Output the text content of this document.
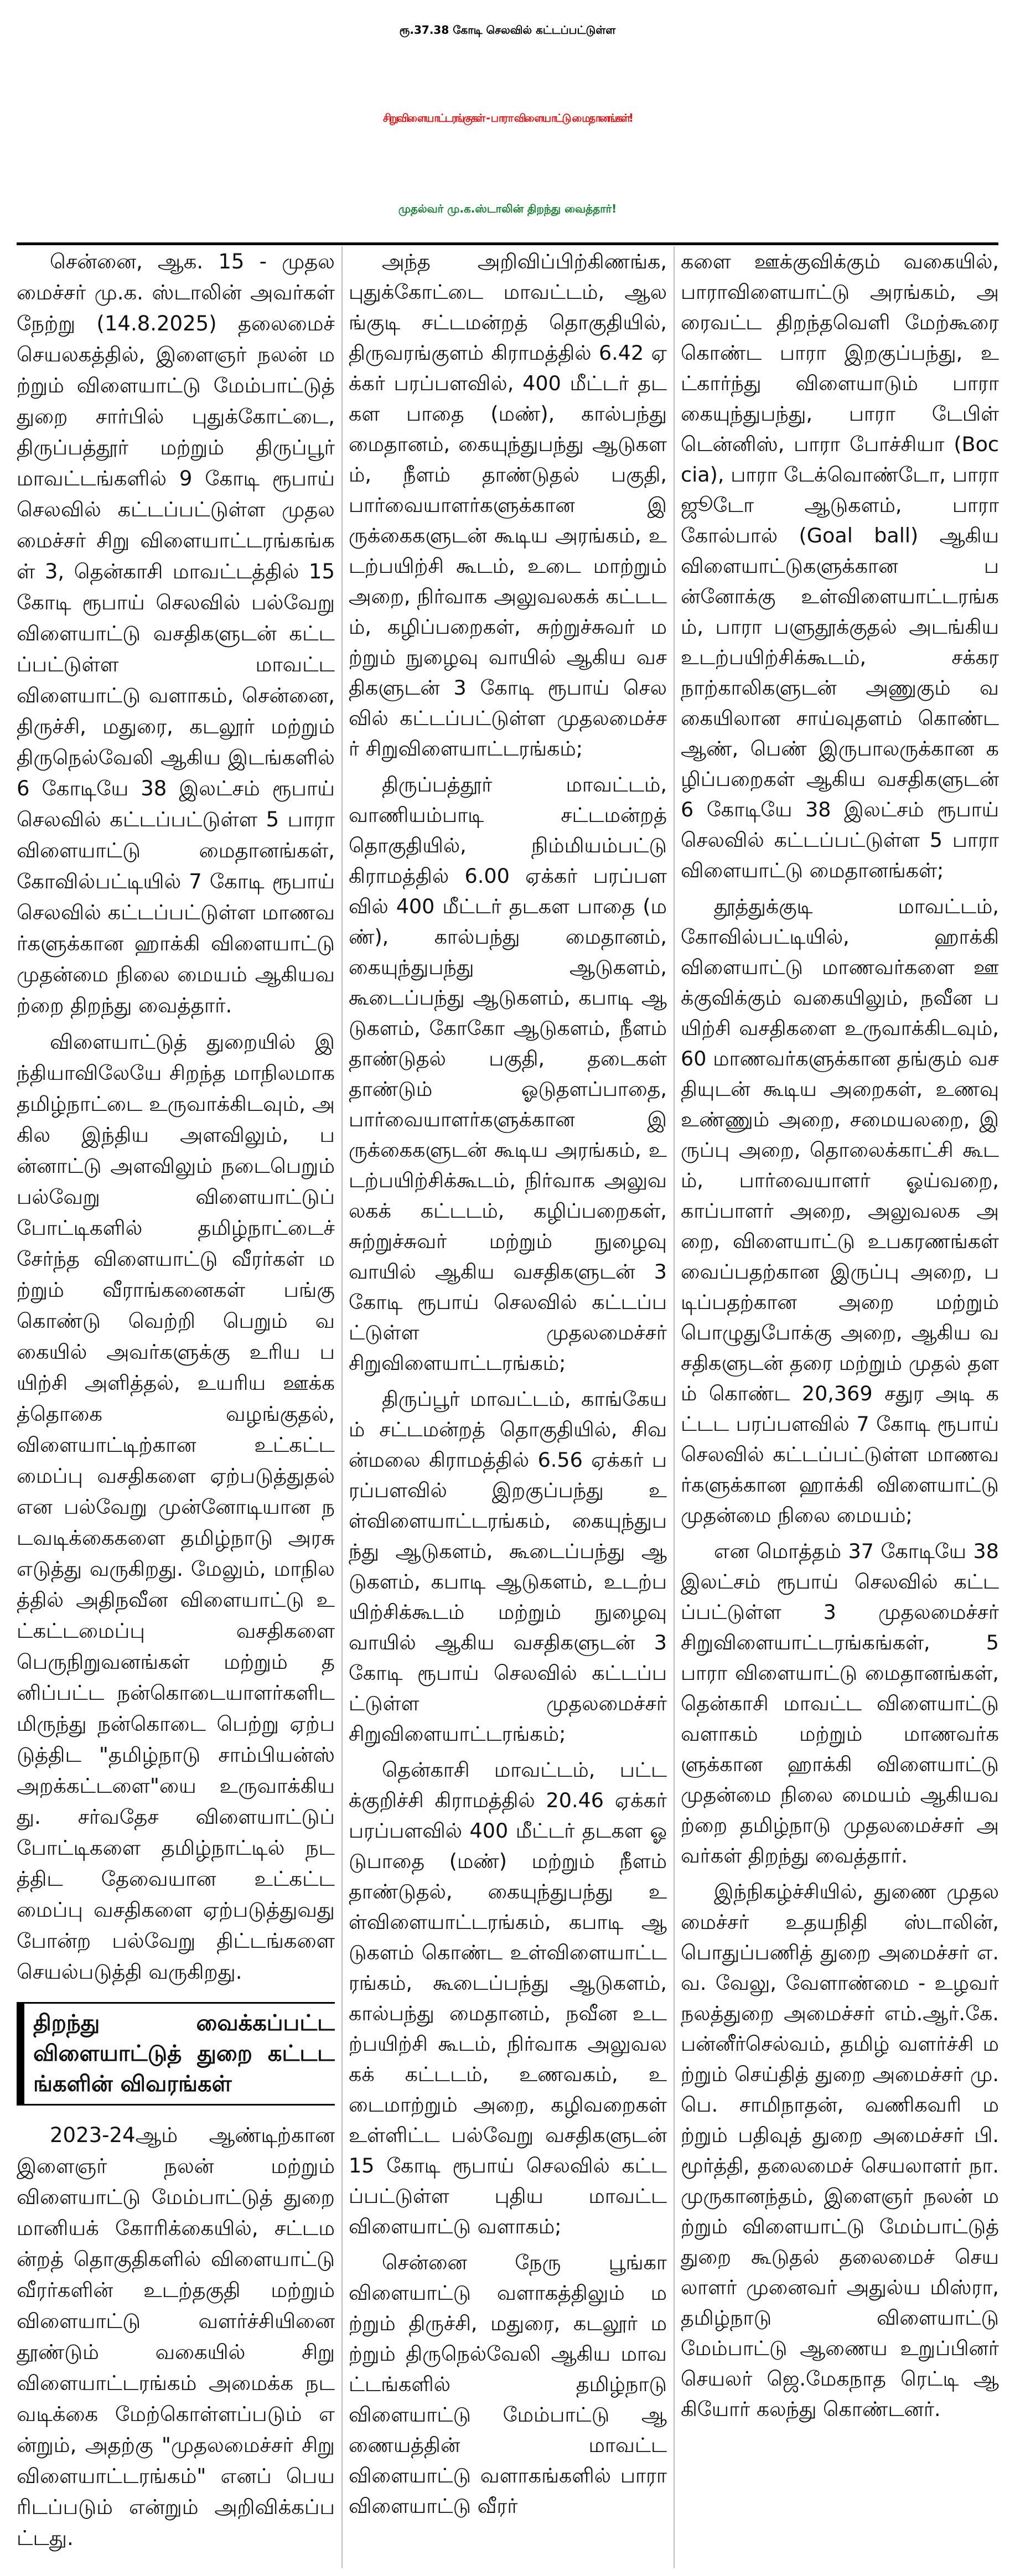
ரூ.37.38 கோடி செலவில் கட்டப்பட்டுள்ள
சிறுவிளையாட்டரங்குகள் - பாரா விளையாட்டு மைதானங்கள்!
முதல்வர் மு.க.ஸ்டாலின் திறந்து வைத்தார்!

சென்னை, ஆக. 15 - முதலமைச்சர் மு.க. ஸ்டாலின் அவர்கள் நேற்று (14.8.2025) தலைமைச் செயலகத்தில், இளைஞர் நலன் மற்றும் விளையாட்டு மேம்பாட்டுத் துறை சார்பில் புதுக்கோட்டை, திருப்பத்தூர் மற்றும் திருப்பூர் மாவட்டங்களில் 9 கோடி ரூபாய் செலவில் கட்டப்பட்டுள்ள முதலமைச்சர் சிறு விளையாட்டரங்கங்கள் 3, தென்காசி மாவட்டத்தில் 15 கோடி ரூபாய் செலவில் பல்வேறு விளையாட்டு வசதிகளுடன் கட்டப்பட்டுள்ள மாவட்ட விளையாட்டு வளாகம், சென்னை, திருச்சி, மதுரை, கடலூர் மற்றும் திருநெல்வேலி ஆகிய இடங்களில் 6 கோடியே 38 இலட்சம் ரூபாய் செலவில் கட்டப்பட்டுள்ள 5 பாரா விளையாட்டு மைதானங்கள், கோவில்பட்டியில் 7 கோடி ரூபாய் செலவில் கட்டப்பட்டுள்ள மாணவர்களுக்கான ஹாக்கி விளையாட்டு முதன்மை நிலை மையம் ஆகியவற்றை திறந்து வைத்தார்.

விளையாட்டுத் துறையில் இந்தியாவிலேயே சிறந்த மாநிலமாக தமிழ்நாட்டை உருவாக்கிடவும், அகில இந்திய அளவிலும், பன்னாட்டு அளவிலும் நடைபெறும் பல்வேறு விளையாட்டுப் போட்டிகளில் தமிழ்நாட்டைச் சேர்ந்த விளையாட்டு வீரர்கள் மற்றும் வீராங்கனைகள் பங்கு கொண்டு வெற்றி பெறும் வகையில் அவர்களுக்கு உரிய பயிற்சி அளித்தல், உயரிய ஊக்கத்தொகை வழங்குதல், விளையாட்டிற்கான உட்கட்டமைப்பு வசதிகளை ஏற்படுத்துதல் என பல்வேறு முன்னோடியான நடவடிக்கைகளை தமிழ்நாடு அரசு எடுத்து வருகிறது. மேலும், மாநிலத்தில் அதிநவீன விளையாட்டு உட்கட்டமைப்பு வசதிகளை பெருநிறுவனங்கள் மற்றும் தனிப்பட்ட நன்கொடையாளர்களிடமிருந்து நன்கொடை பெற்று ஏற்படுத்திட "தமிழ்நாடு சாம்பியன்ஸ் அறக்கட்டளை"யை உருவாக்கியது. சர்வதேச விளையாட்டுப் போட்டிகளை தமிழ்நாட்டில் நடத்திட தேவையான உட்கட்டமைப்பு வசதிகளை ஏற்படுத்துவது போன்ற பல்வேறு திட்டங்களை செயல்படுத்தி வருகிறது.

திறந்து வைக்கப்பட்ட விளையாட்டுத் துறை கட்டடங்களின் விவரங்கள்

2023-24ஆம் ஆண்டிற்கான இளைஞர் நலன் மற்றும் விளையாட்டு மேம்பாட்டுத் துறை மானியக் கோரிக்கையில், சட்டமன்றத் தொகுதிகளில் விளையாட்டு வீரர்களின் உடற்தகுதி மற்றும் விளையாட்டு வளர்ச்சியினை தூண்டும் வகையில் சிறு விளையாட்டரங்கம் அமைக்க நடவடிக்கை மேற்கொள்ளப்படும் என்றும், அதற்கு "முதலமைச்சர் சிறு விளையாட்டரங்கம்" எனப் பெயரிடப்படும் என்றும் அறிவிக்கப்பட்டது.

அந்த அறிவிப்பிற்கிணங்க, புதுக்கோட்டை மாவட்டம், ஆலங்குடி சட்டமன்றத் தொகுதியில், திருவரங்குளம் கிராமத்தில் 6.42 ஏக்கர் பரப்பளவில், 400 மீட்டர் தடகள பாதை (மண்), கால்பந்து மைதானம், கையுந்துபந்து ஆடுகளம், நீளம் தாண்டுதல் பகுதி, பார்வையாளர்களுக்கான இருக்கைகளுடன் கூடிய அரங்கம், உடற்பயிற்சி கூடம், உடை மாற்றும் அறை, நிர்வாக அலுவலகக் கட்டடம், கழிப்பறைகள், சுற்றுச்சுவர் மற்றும் நுழைவு வாயில் ஆகிய வசதிகளுடன் 3 கோடி ரூபாய் செலவில் கட்டப்பட்டுள்ள முதலமைச்சர் சிறுவிளையாட்டரங்கம்;

திருப்பத்தூர் மாவட்டம், வாணியம்பாடி சட்டமன்றத் தொகுதியில், நிம்மியம்பட்டு கிராமத்தில் 6.00 ஏக்கர் பரப்பளவில் 400 மீட்டர் தடகள பாதை (மண்), கால்பந்து மைதானம், கையுந்துபந்து ஆடுகளம், கூடைப்பந்து ஆடுகளம், கபாடி ஆடுகளம், கோகோ ஆடுகளம், நீளம் தாண்டுதல் பகுதி, தடைகள் தாண்டும் ஓடுதளப்பாதை, பார்வையாளர்களுக்கான இருக்கைகளுடன் கூடிய அரங்கம், உடற்பயிற்சிக்கூடம், நிர்வாக அலுவலகக் கட்டடம், கழிப்பறைகள், சுற்றுச்சுவர் மற்றும் நுழைவு வாயில் ஆகிய வசதிகளுடன் 3 கோடி ரூபாய் செலவில் கட்டப்பட்டுள்ள முதலமைச்சர் சிறுவிளையாட்டரங்கம்;

திருப்பூர் மாவட்டம், காங்கேயம் சட்டமன்றத் தொகுதியில், சிவன்மலை கிராமத்தில் 6.56 ஏக்கர் பரப்பளவில் இறகுப்பந்து உள்விளையாட்டரங்கம், கையுந்துபந்து ஆடுகளம், கூடைப்பந்து ஆடுகளம், கபாடி ஆடுகளம், உடற்பயிற்சிக்கூடம் மற்றும் நுழைவு வாயில் ஆகிய வசதிகளுடன் 3 கோடி ரூபாய் செலவில் கட்டப்பட்டுள்ள முதலமைச்சர் சிறுவிளையாட்டரங்கம்;

தென்காசி மாவட்டம், பட்டக்குறிச்சி கிராமத்தில் 20.46 ஏக்கர் பரப்பளவில் 400 மீட்டர் தடகள ஓடுபாதை (மண்) மற்றும் நீளம் தாண்டுதல், கையுந்துபந்து உள்விளையாட்டரங்கம், கபாடி ஆடுகளம் கொண்ட உள்விளையாட்டரங்கம், கூடைப்பந்து ஆடுகளம், கால்பந்து மைதானம், நவீன உடற்பயிற்சி கூடம், நிர்வாக அலுவலகக் கட்டடம், உணவகம், உடைமாற்றும் அறை, கழிவறைகள் உள்ளிட்ட பல்வேறு வசதிகளுடன் 15 கோடி ரூபாய் செலவில் கட்டப்பட்டுள்ள புதிய மாவட்ட விளையாட்டு வளாகம்;

சென்னை நேரு பூங்கா விளையாட்டு வளாகத்திலும் மற்றும் திருச்சி, மதுரை, கடலூர் மற்றும் திருநெல்வேலி ஆகிய மாவட்டங்களில் தமிழ்நாடு விளையாட்டு மேம்பாட்டு ஆணையத்தின் மாவட்ட விளையாட்டு வளாகங்களில் பாரா விளையாட்டு வீரர்

களை ஊக்குவிக்கும் வகையில், பாராவிளையாட்டு அரங்கம், அரைவட்ட திறந்தவெளி மேற்கூரை கொண்ட பாரா இறகுப்பந்து, உட்கார்ந்து விளையாடும் பாரா கையுந்துபந்து, பாரா டேபிள் டென்னிஸ், பாரா போச்சியா (Boccia), பாரா டேக்வொண்டோ, பாரா ஜூடோ ஆடுகளம், பாரா கோல்பால் (Goal ball) ஆகிய விளையாட்டுகளுக்கான பன்னோக்கு உள்விளையாட்டரங்கம், பாரா பளுதூக்குதல் அடங்கிய உடற்பயிற்சிக்கூடம், சக்கர நாற்காலிகளுடன் அணுகும் வகையிலான சாய்வுதளம் கொண்ட ஆண், பெண் இருபாலருக்கான கழிப்பறைகள் ஆகிய வசதிகளுடன் 6 கோடியே 38 இலட்சம் ரூபாய் செலவில் கட்டப்பட்டுள்ள 5 பாரா விளையாட்டு மைதானங்கள்;

தூத்துக்குடி மாவட்டம், கோவில்பட்டியில், ஹாக்கி விளையாட்டு மாணவர்களை ஊக்குவிக்கும் வகையிலும், நவீன பயிற்சி வசதிகளை உருவாக்கிடவும், 60 மாணவர்களுக்கான தங்கும் வசதியுடன் கூடிய அறைகள், உணவு உண்ணும் அறை, சமையலறை, இருப்பு அறை, தொலைக்காட்சி கூடம், பார்வையாளர் ஓய்வறை, காப்பாளர் அறை, அலுவலக அறை, விளையாட்டு உபகரணங்கள் வைப்பதற்கான இருப்பு அறை, படிப்பதற்கான அறை மற்றும் பொழுதுபோக்கு அறை, ஆகிய வசதிகளுடன் தரை மற்றும் முதல் தளம் கொண்ட 20,369 சதுர அடி கட்டட பரப்பளவில் 7 கோடி ரூபாய் செலவில் கட்டப்பட்டுள்ள மாணவர்களுக்கான ஹாக்கி விளையாட்டு முதன்மை நிலை மையம்;

என மொத்தம் 37 கோடியே 38 இலட்சம் ரூபாய் செலவில் கட்டப்பட்டுள்ள 3 முதலமைச்சர் சிறுவிளையாட்டரங்கங்கள், 5 பாரா விளையாட்டு மைதானங்கள், தென்காசி மாவட்ட விளையாட்டு வளாகம் மற்றும் மாணவர்களுக்கான ஹாக்கி விளையாட்டு முதன்மை நிலை மையம் ஆகியவற்றை தமிழ்நாடு முதலமைச்சர் அவர்கள் திறந்து வைத்தார்.

இந்நிகழ்ச்சியில், துணை முதலமைச்சர் உதயநிதி ஸ்டாலின், பொதுப்பணித் துறை அமைச்சர் எ.வ. வேலு, வேளாண்மை - உழவர் நலத்துறை அமைச்சர் எம்.ஆர்.கே. பன்னீர்செல்வம், தமிழ் வளர்ச்சி மற்றும் செய்தித் துறை அமைச்சர் மு.பெ. சாமிநாதன், வணிகவரி மற்றும் பதிவுத் துறை அமைச்சர் பி.மூர்த்தி, தலைமைச் செயலாளர் நா. முருகானந்தம், இளைஞர் நலன் மற்றும் விளையாட்டு மேம்பாட்டுத் துறை கூடுதல் தலைமைச் செயலாளர் முனைவர் அதுல்ய மிஸ்ரா, தமிழ்நாடு விளையாட்டு மேம்பாட்டு ஆணைய உறுப்பினர் செயலர் ஜெ.மேகநாத ரெட்டி ஆகியோர் கலந்து கொண்டனர்.
